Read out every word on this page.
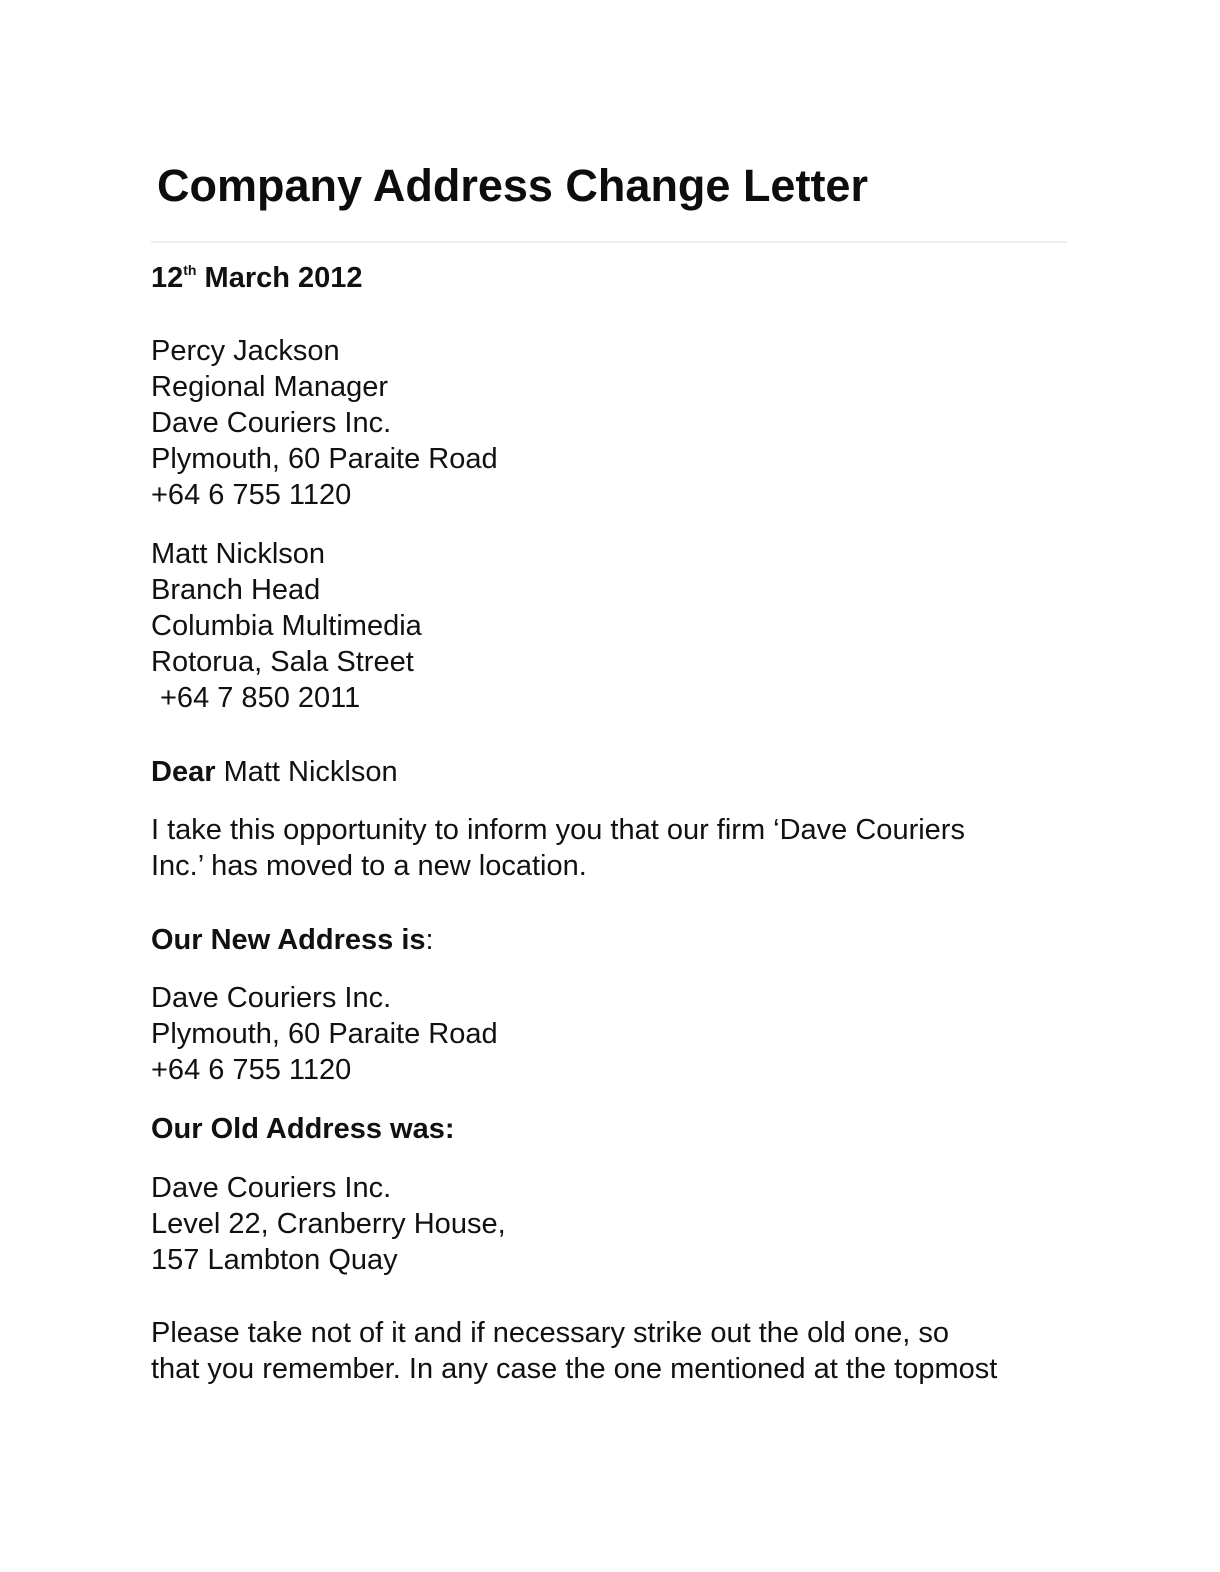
Company Address Change Letter
12th March 2012
Percy Jackson
Regional Manager
Dave Couriers Inc.
Plymouth, 60 Paraite Road
+64 6 755 1120
Matt Nicklson
Branch Head
Columbia Multimedia
Rotorua, Sala Street
+64 7 850 2011
Dear Matt Nicklson
I take this opportunity to inform you that our firm ‘Dave Couriers
Inc.’ has moved to a new location.
Our New Address is:
Dave Couriers Inc.
Plymouth, 60 Paraite Road
+64 6 755 1120
Our Old Address was:
Dave Couriers Inc.
Level 22, Cranberry House,
157 Lambton Quay
Please take not of it and if necessary strike out the old one, so
that you remember. In any case the one mentioned at the topmost
